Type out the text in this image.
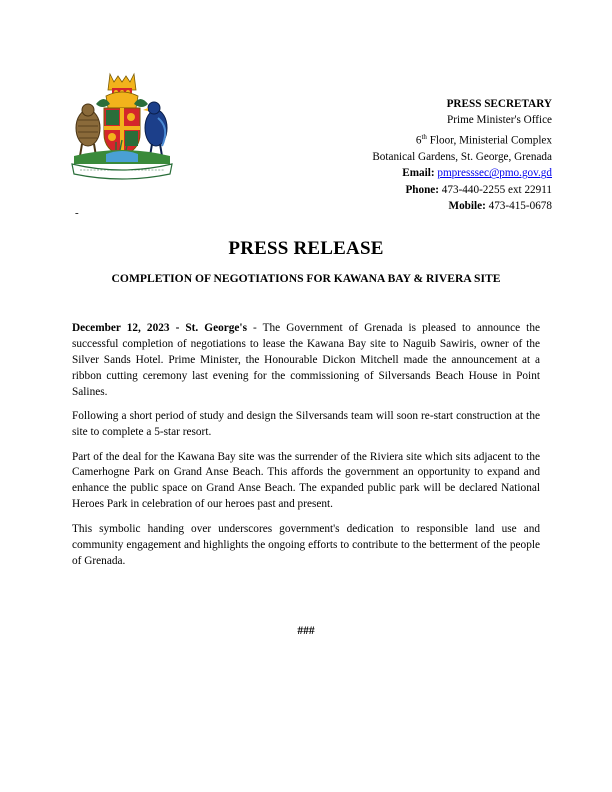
PRESS SECRETARY
Prime Minister's Office
6th Floor, Ministerial Complex
Botanical Gardens, St. George, Grenada
Email: pmpresssec@pmo.gov.gd
Phone: 473-440-2255 ext 22911
Mobile: 473-415-0678
-
PRESS RELEASE
COMPLETION OF NEGOTIATIONS FOR KAWANA BAY & RIVERA SITE

December 12, 2023 - St. George's - The Government of Grenada is pleased to announce the successful completion of negotiations to lease the Kawana Bay site to Naguib Sawiris, owner of the Silver Sands Hotel. Prime Minister, the Honourable Dickon Mitchell made the announcement at a ribbon cutting ceremony last evening for the commissioning of Silversands Beach House in Point Salines.

Following a short period of study and design the Silversands team will soon re-start construction at the site to complete a 5-star resort.

Part of the deal for the Kawana Bay site was the surrender of the Riviera site which sits adjacent to the Camerhogne Park on Grand Anse Beach. This affords the government an opportunity to expand and enhance the public space on Grand Anse Beach. The expanded public park will be declared National Heroes Park in celebration of our heroes past and present.

This symbolic handing over underscores government's dedication to responsible land use and community engagement and highlights the ongoing efforts to contribute to the betterment of the people of Grenada.

###
